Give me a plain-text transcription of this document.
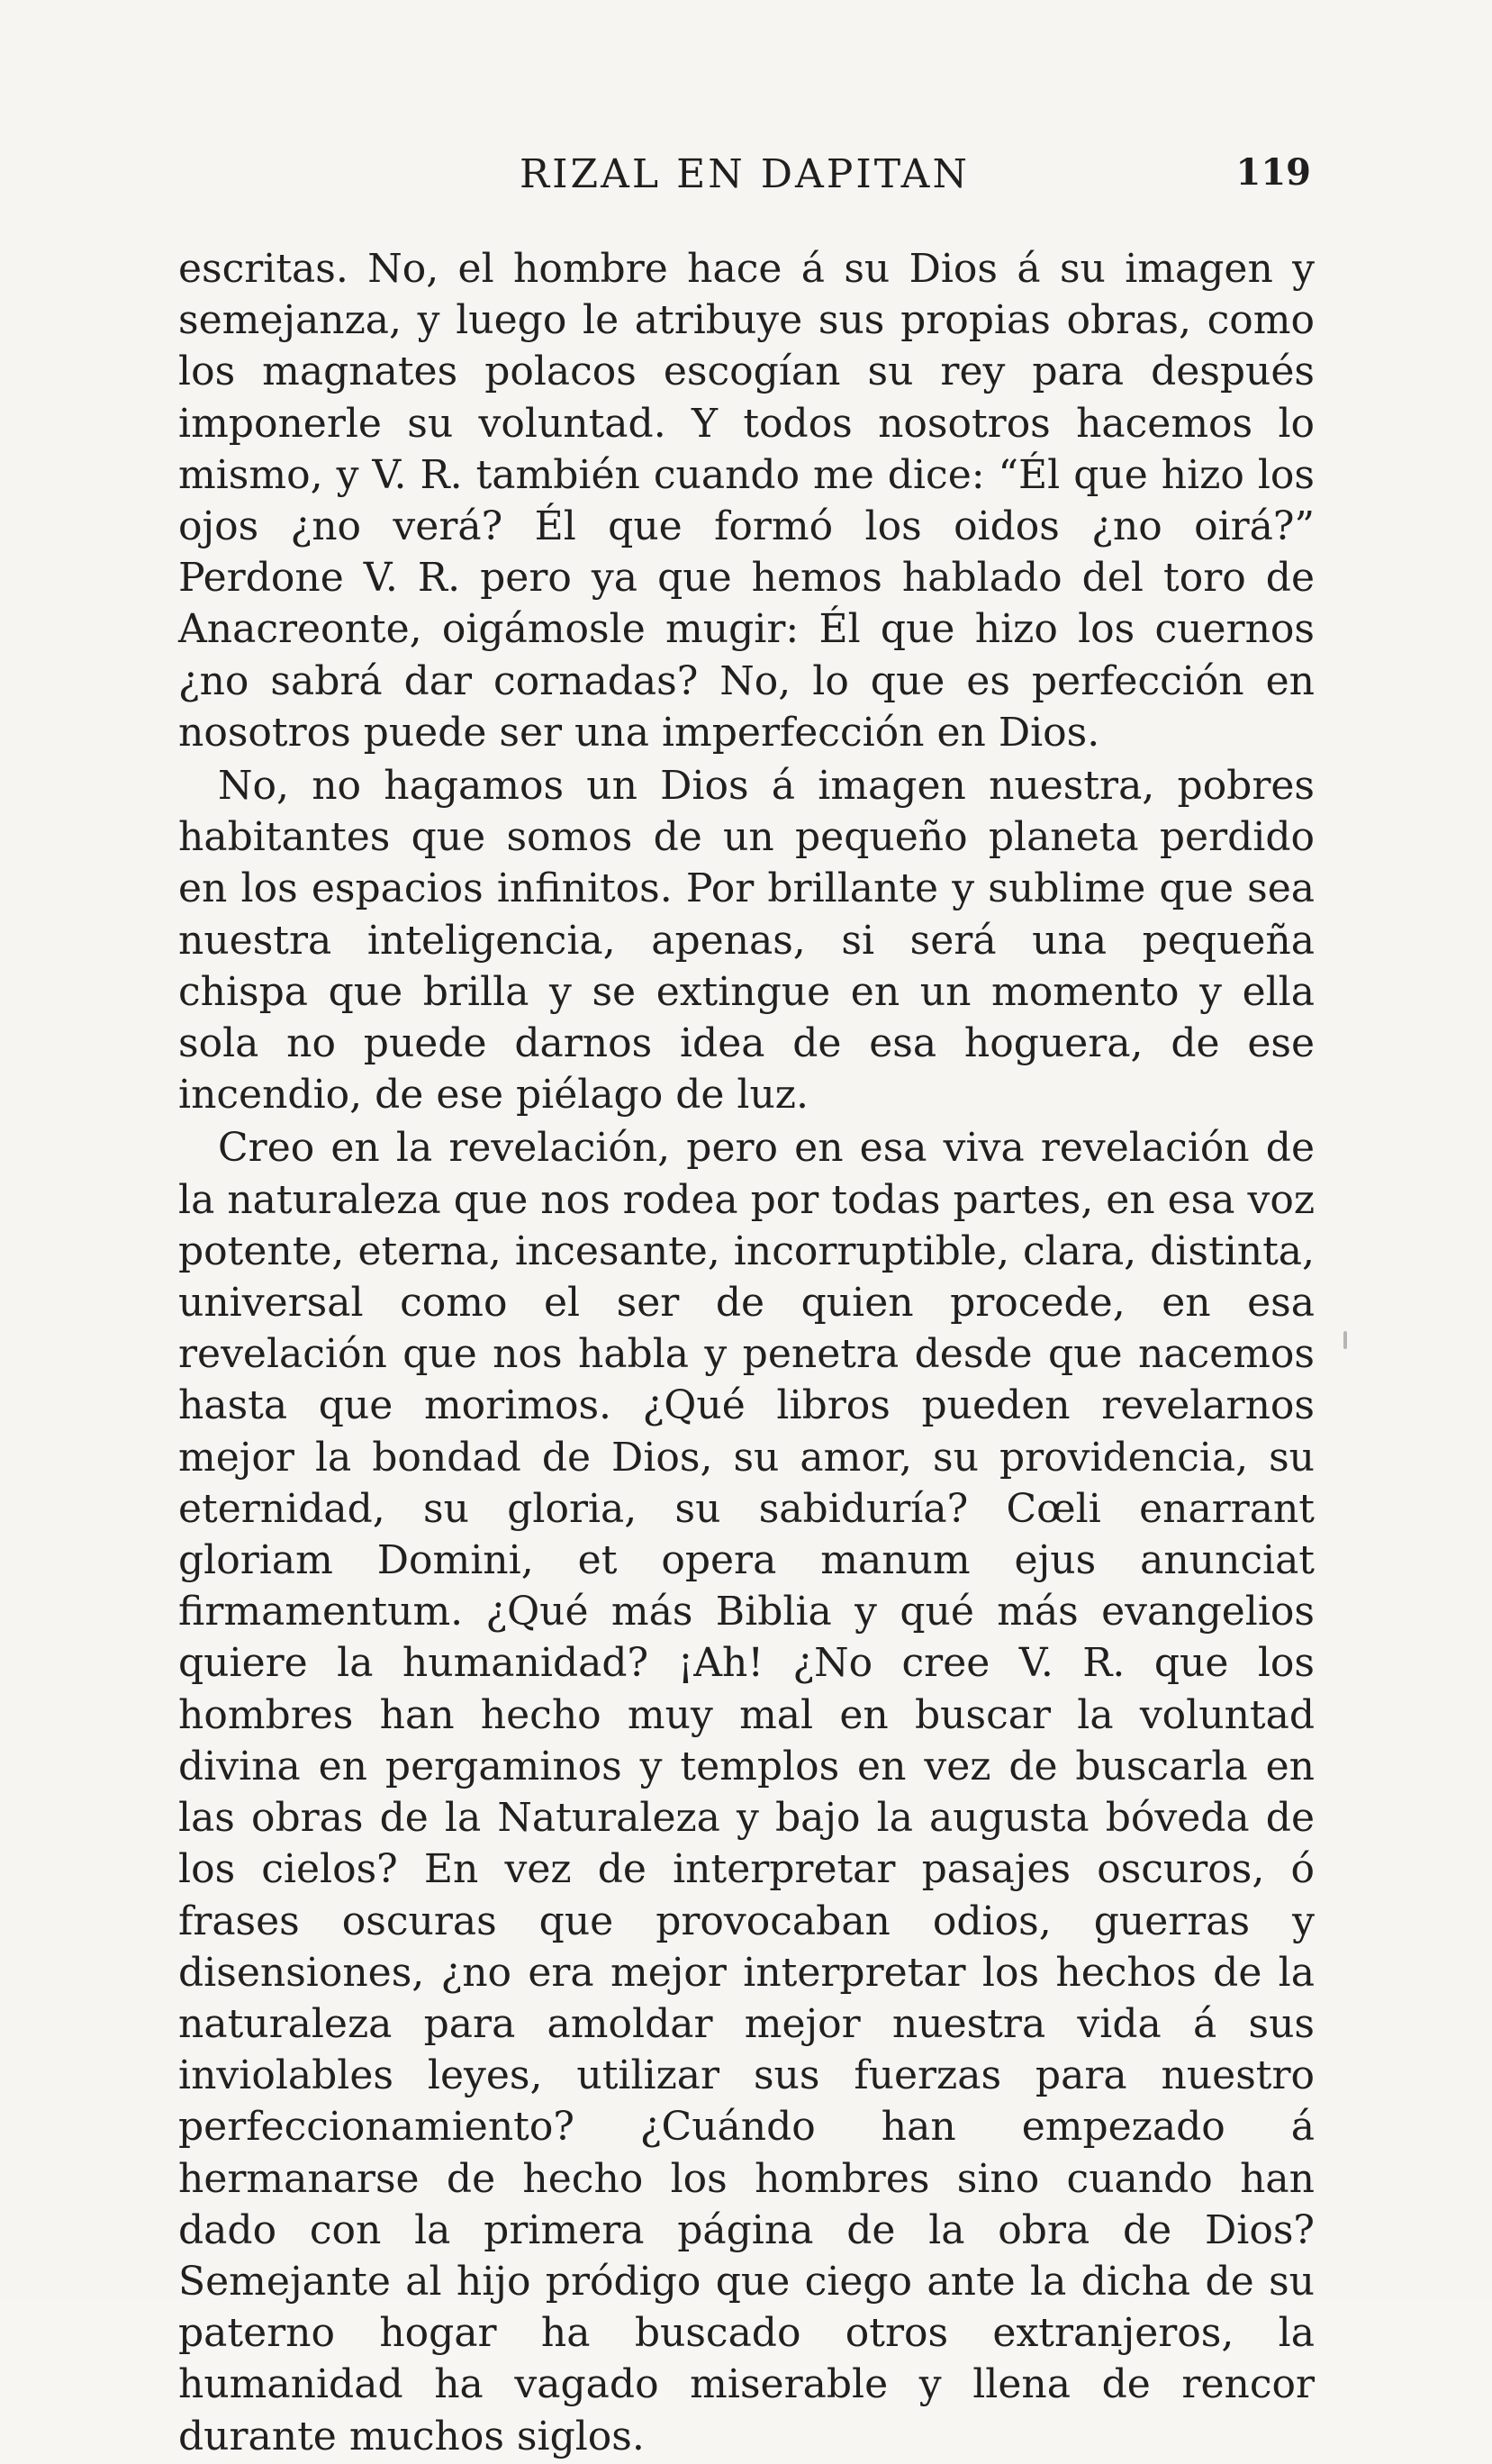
RIZAL EN DAPITAN	119

escritas. No, el hombre hace á su Dios á su imagen y semejanza, y luego le atribuye sus propias obras, como los magnates polacos escogían su rey para después imponerle su voluntad. Y todos nosotros hacemos lo mismo, y V. R. también cuando me dice: “Él que hizo los ojos ¿no verá? Él que formó los oidos ¿no oirá?” Perdone V. R. pero ya que hemos hablado del toro de Anacreonte, oigámosle mugir: Él que hizo los cuernos ¿no sabrá dar cornadas? No, lo que es perfección en nosotros puede ser una imperfección en Dios.

No, no hagamos un Dios á imagen nuestra, pobres habitantes que somos de un pequeño planeta perdido en los espacios infinitos. Por brillante y sublime que sea nuestra inteligencia, apenas, si será una pequeña chispa que brilla y se extingue en un momento y ella sola no puede darnos idea de esa hoguera, de ese incendio, de ese piélago de luz.

Creo en la revelación, pero en esa viva revelación de la naturaleza que nos rodea por todas partes, en esa voz potente, eterna, incesante, incorruptible, clara, distinta, universal como el ser de quien procede, en esa revelación que nos habla y penetra desde que nacemos hasta que morimos. ¿Qué libros pueden revelarnos mejor la bondad de Dios, su amor, su providencia, su eternidad, su gloria, su sabiduría? Cœli enarrant gloriam Domini, et opera manum ejus anunciat firmamentum. ¿Qué más Biblia y qué más evangelios quiere la humanidad? ¡Ah! ¿No cree V. R. que los hombres han hecho muy mal en buscar la voluntad divina en pergaminos y templos en vez de buscarla en las obras de la Naturaleza y bajo la augusta bóveda de los cielos? En vez de interpretar pasajes oscuros, ó frases oscuras que provocaban odios, guerras y disensiones, ¿no era mejor interpretar los hechos de la naturaleza para amoldar mejor nuestra vida á sus inviolables leyes, utilizar sus fuerzas para nuestro perfeccionamiento? ¿Cuándo han empezado á hermanarse de hecho los hombres sino cuando han dado con la primera página de la obra de Dios? Semejante al hijo pródigo que ciego ante la dicha de su paterno hogar ha buscado otros extranjeros, la humanidad ha vagado miserable y llena de rencor durante muchos siglos.
